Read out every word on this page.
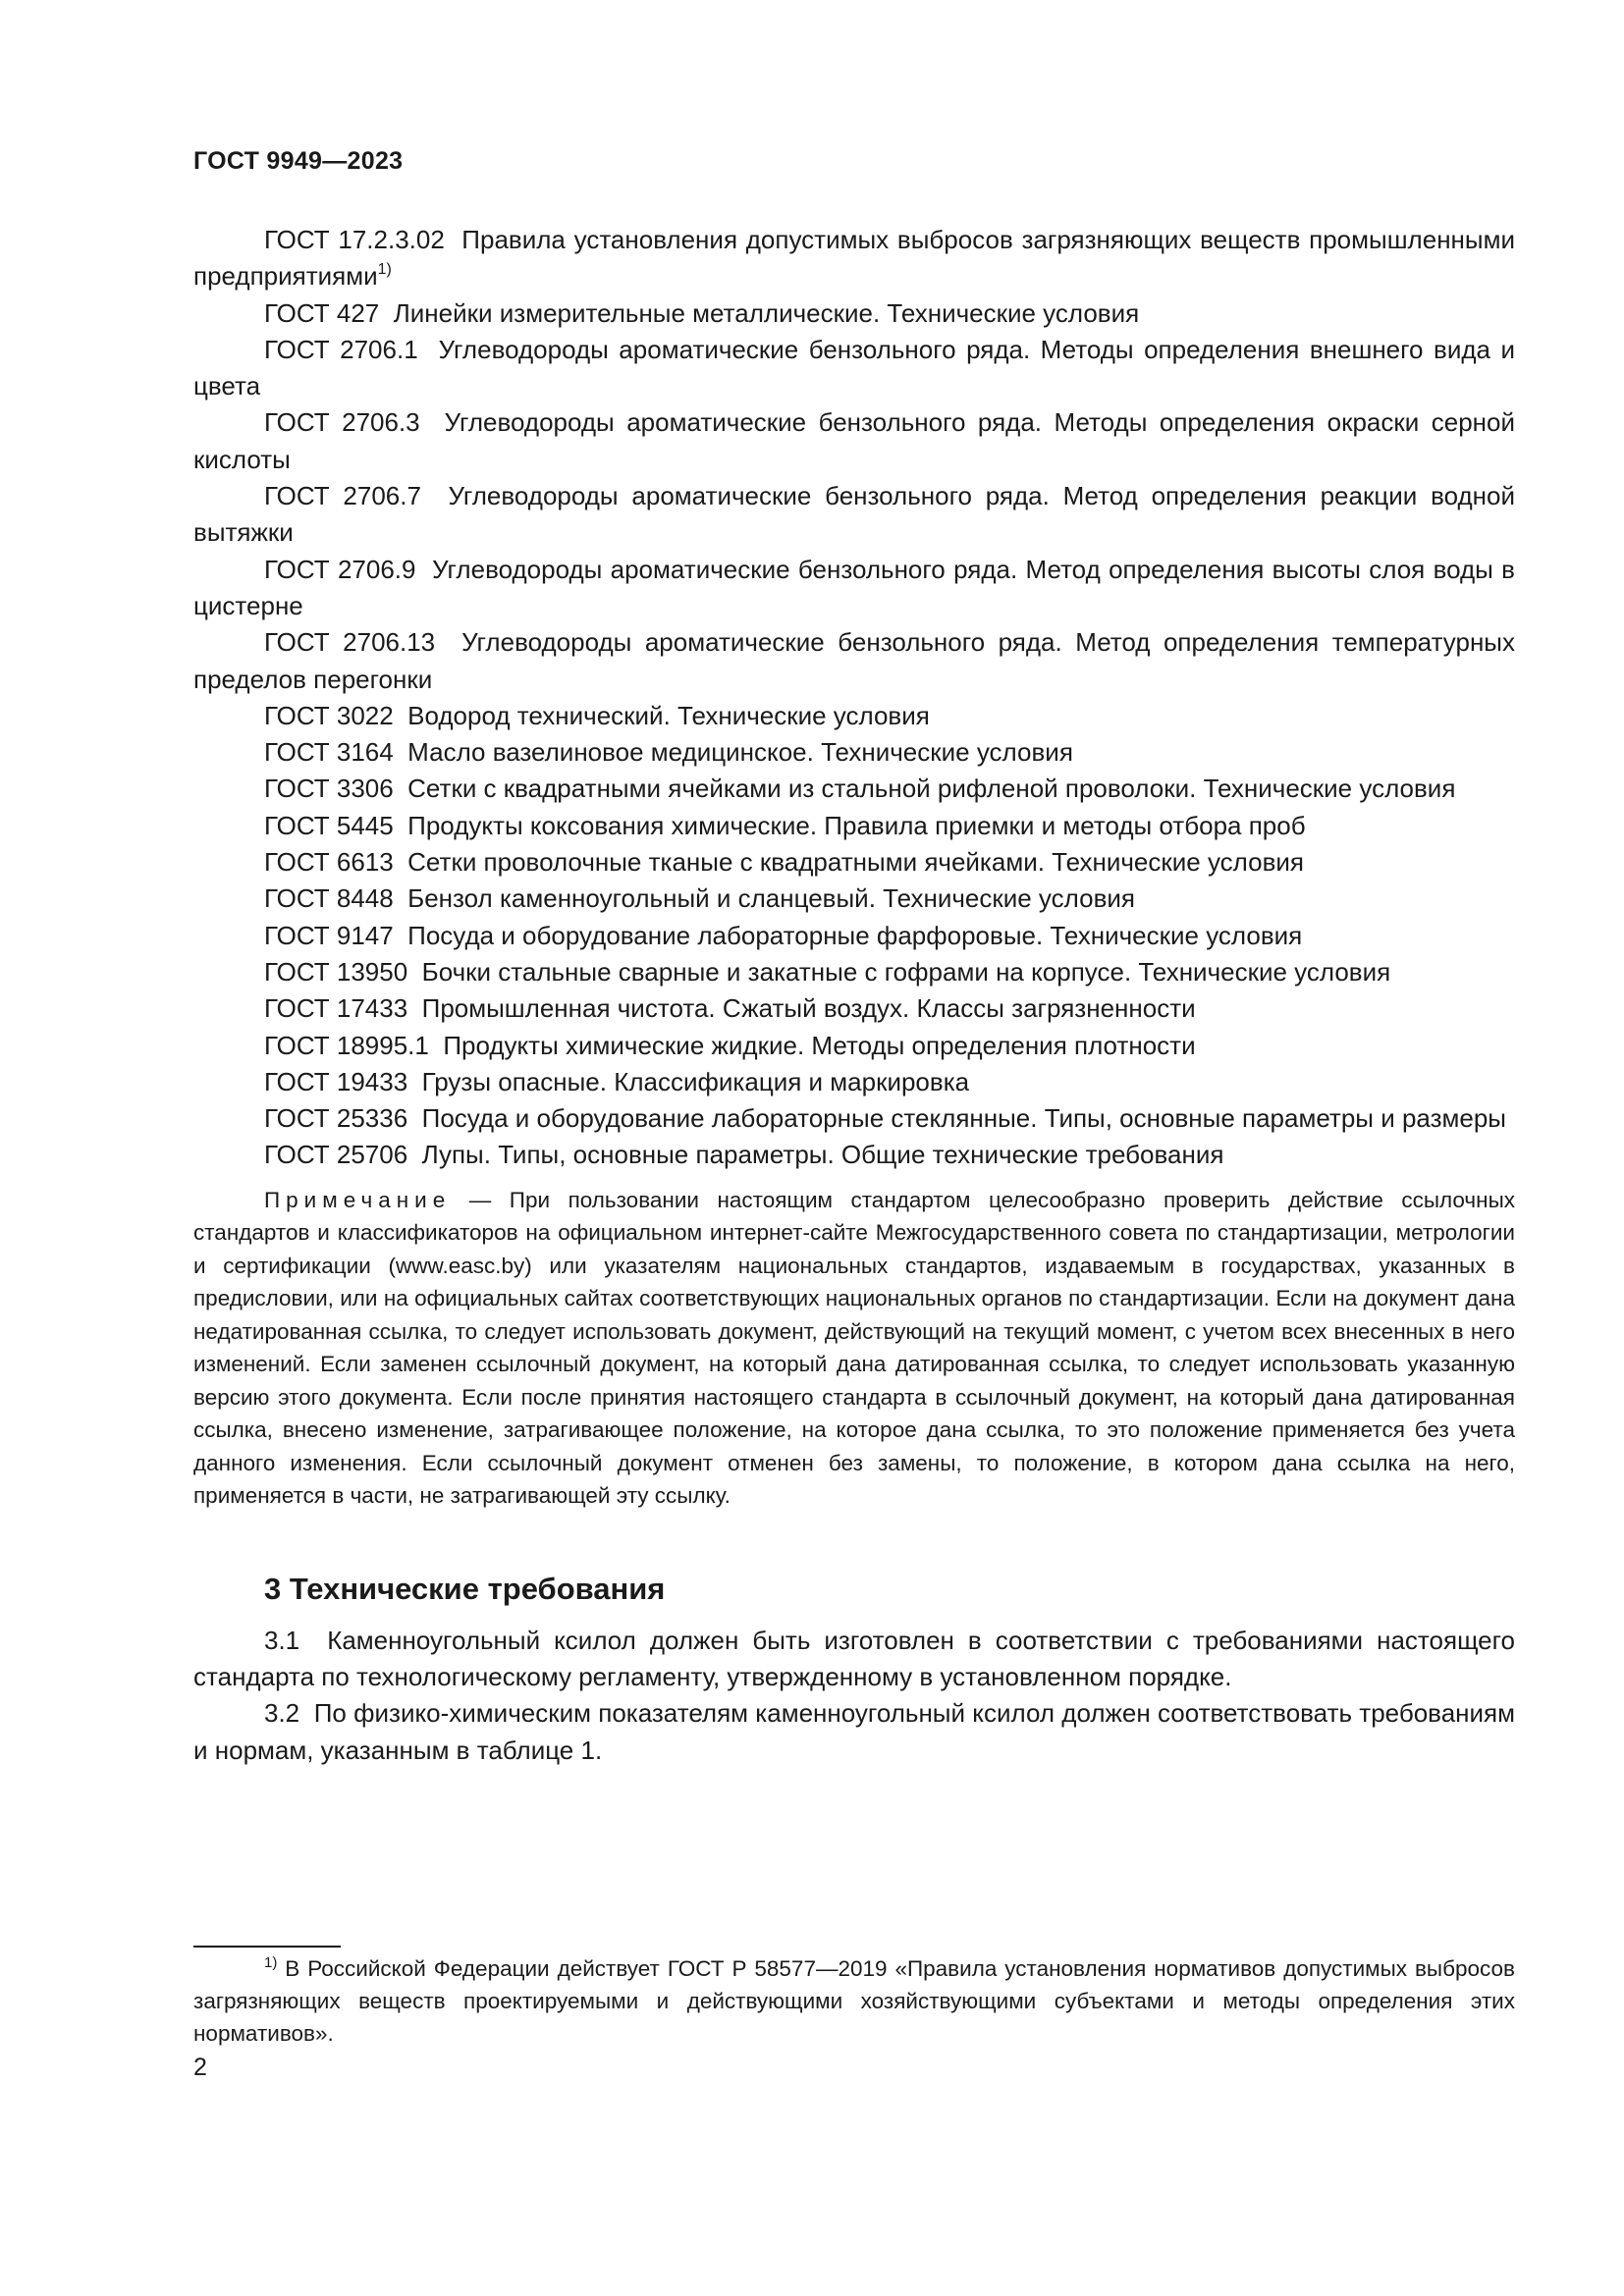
ГОСТ 9949—2023

ГОСТ 17.2.3.02 Правила установления допустимых выбросов загрязняющих веществ промышленными предприятиями$^{1)}$

ГОСТ 427 Линейки измерительные металлические. Технические условия

ГОСТ 2706.1 Углеводороды ароматические бензольного ряда. Методы определения внешнего вида и цвета

ГОСТ 2706.3 Углеводороды ароматические бензольного ряда. Методы определения окраски серной кислоты

ГОСТ 2706.7 Углеводороды ароматические бензольного ряда. Метод определения реакции водной вытяжки

ГОСТ 2706.9 Углеводороды ароматические бензольного ряда. Метод определения высоты слоя воды в цистерне

ГОСТ 2706.13 Углеводороды ароматические бензольного ряда. Метод определения температурных пределов перегонки

ГОСТ 3022 Водород технический. Технические условия

ГОСТ 3164 Масло вазелиновое медицинское. Технические условия

ГОСТ 3306 Сетки с квадратными ячейками из стальной рифленой проволоки. Технические условия

ГОСТ 5445 Продукты коксования химические. Правила приемки и методы отбора проб

ГОСТ 6613 Сетки проволочные тканые с квадратными ячейками. Технические условия

ГОСТ 8448 Бензол каменноугольный и сланцевый. Технические условия

ГОСТ 9147 Посуда и оборудование лабораторные фарфоровые. Технические условия

ГОСТ 13950 Бочки стальные сварные и закатные с гофрами на корпусе. Технические условия

ГОСТ 17433 Промышленная чистота. Сжатый воздух. Классы загрязненности

ГОСТ 18995.1 Продукты химические жидкие. Методы определения плотности

ГОСТ 19433 Грузы опасные. Классификация и маркировка

ГОСТ 25336 Посуда и оборудование лабораторные стеклянные. Типы, основные параметры и размеры

ГОСТ 25706 Лупы. Типы, основные параметры. Общие технические требования

Примечание — При пользовании настоящим стандартом целесообразно проверить действие ссылочных стандартов и классификаторов на официальном интернет-сайте Межгосударственного совета по стандартизации, метрологии и сертификации (www.easc.by) или указателям национальных стандартов, издаваемым в государствах, указанных в предисловии, или на официальных сайтах соответствующих национальных органов по стандартизации. Если на документ дана недатированная ссылка, то следует использовать документ, действующий на текущий момент, с учетом всех внесенных в него изменений. Если заменен ссылочный документ, на который дана датированная ссылка, то следует использовать указанную версию этого документа. Если после принятия настоящего стандарта в ссылочный документ, на который дана датированная ссылка, внесено изменение, затрагивающее положение, на которое дана ссылка, то это положение применяется без учета данного изменения. Если ссылочный документ отменен без замены, то положение, в котором дана ссылка на него, применяется в части, не затрагивающей эту ссылку.
3 Технические требования

3.1 Каменноугольный ксилол должен быть изготовлен в соответствии с требованиями настоящего стандарта по технологическому регламенту, утвержденному в установленном порядке.

3.2 По физико-химическим показателям каменноугольный ксилол должен соответствовать требованиям и нормам, указанным в таблице 1.

$^{1)}$ В Российской Федерации действует ГОСТ Р 58577—2019 «Правила установления нормативов допустимых выбросов загрязняющих веществ проектируемыми и действующими хозяйствующими субъектами и методы определения этих нормативов».
2
